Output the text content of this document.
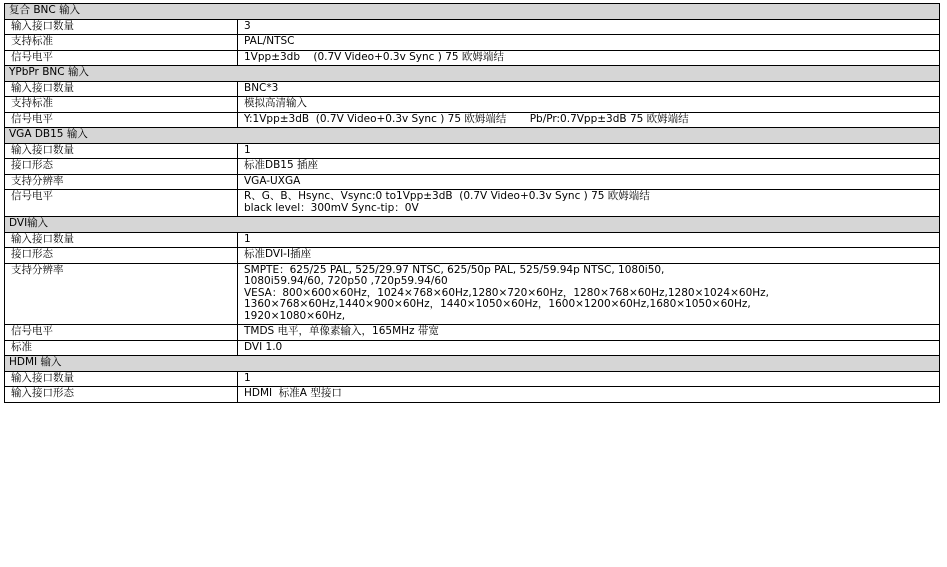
复合 BNC 输入	
输入接口数量	3

支持标准	PAL/NTSC

信号电平	1Vpp±3db    (0.7V Video+0.3v Sync ) 75 欧姆端结

YPbPr BNC 输入	
输入接口数量	BNC*3

支持标准	模拟高清输入

信号电平	Y:1Vpp±3dB  (0.7V Video+0.3v Sync ) 75 欧姆端结       Pb/Pr:0.7Vpp±3dB 75 欧姆端结

VGA DB15 输入	
输入接口数量	1

接口形态	标准DB15 插座

支持分辨率	VGA-UXGA

信号电平	R、G、B、Hsync、Vsync:0 to1Vpp±3dB  (0.7V Video+0.3v Sync ) 75 欧姆端结
black level：300mV Sync-tip：0V

DVI输入	
输入接口数量	1

接口形态	标准DVI-I插座

支持分辨率	SMPTE：625/25 PAL, 525/29.97 NTSC, 625/50p PAL, 525/59.94p NTSC, 1080i50,
1080i59.94/60, 720p50 ,720p59.94/60
VESA：800×600×60Hz，1024×768×60Hz,1280×720×60Hz，1280×768×60Hz,1280×1024×60Hz,
1360×768×60Hz,1440×900×60Hz，1440×1050×60Hz，1600×1200×60Hz,1680×1050×60Hz,
1920×1080×60Hz,

信号电平	TMDS 电平，单像素输入，165MHz 带宽

标准	DVI 1.0

HDMI 输入	
输入接口数量	1

输入接口形态	HDMI  标准A 型接口
